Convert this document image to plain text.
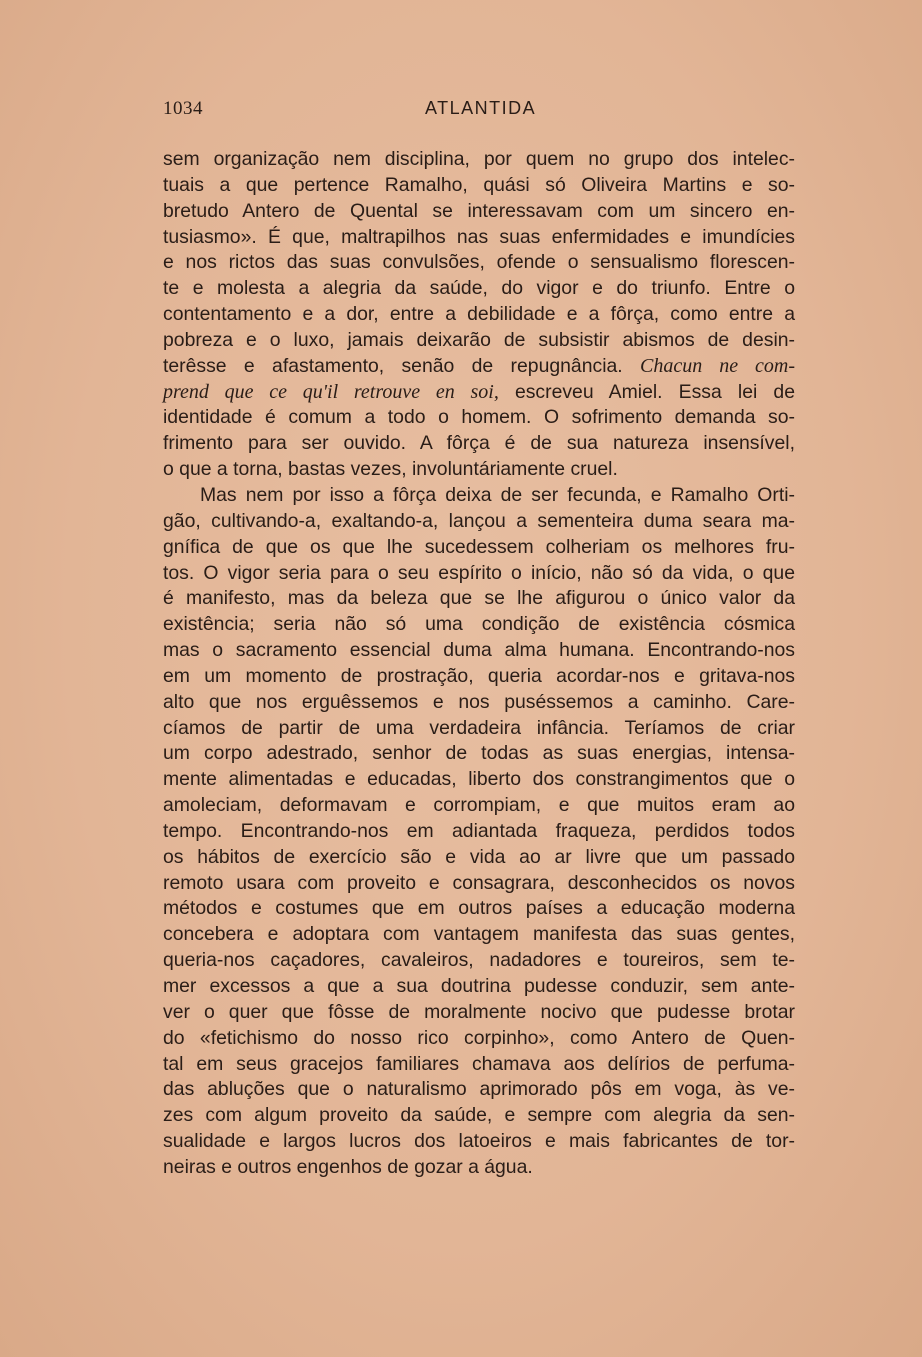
1034	ATLANTIDA
sem organização nem disciplina, por quem no grupo dos intelec-
tuais a que pertence Ramalho, quási só Oliveira Martins e so-
bretudo Antero de Quental se interessavam com um sincero en-
tusiasmo». É que, maltrapilhos nas suas enfermidades e imundícies
e nos rictos das suas convulsões, ofende o sensualismo florescen-
te e molesta a alegria da saúde, do vigor e do triunfo. Entre o
contentamento e a dor, entre a debilidade e a fôrça, como entre a
pobreza e o luxo, jamais deixarão de subsistir abismos de desin-
terêsse e afastamento, senão de repugnância. Chacun ne com-
prend que ce qu'il retrouve en soi, escreveu Amiel. Essa lei de
identidade é comum a todo o homem. O sofrimento demanda so-
frimento para ser ouvido. A fôrça é de sua natureza insensível,
o que a torna, bastas vezes, involuntáriamente cruel.
Mas nem por isso a fôrça deixa de ser fecunda, e Ramalho Orti-
gão, cultivando-a, exaltando-a, lançou a sementeira duma seara ma-
gnífica de que os que lhe sucedessem colheriam os melhores fru-
tos. O vigor seria para o seu espírito o início, não só da vida, o que
é manifesto, mas da beleza que se lhe afigurou o único valor da
existência; seria não só uma condição de existência cósmica
mas o sacramento essencial duma alma humana. Encontrando-nos
em um momento de prostração, queria acordar-nos e gritava-nos
alto que nos erguêssemos e nos puséssemos a caminho. Care-
cíamos de partir de uma verdadeira infância. Teríamos de criar
um corpo adestrado, senhor de todas as suas energias, intensa-
mente alimentadas e educadas, liberto dos constrangimentos que o
amoleciam, deformavam e corrompiam, e que muitos eram ao
tempo. Encontrando-nos em adiantada fraqueza, perdidos todos
os hábitos de exercício são e vida ao ar livre que um passado
remoto usara com proveito e consagrara, desconhecidos os novos
métodos e costumes que em outros países a educação moderna
concebera e adoptara com vantagem manifesta das suas gentes,
queria-nos caçadores, cavaleiros, nadadores e toureiros, sem te-
mer excessos a que a sua doutrina pudesse conduzir, sem ante-
ver o quer que fôsse de moralmente nocivo que pudesse brotar
do «fetichismo do nosso rico corpinho», como Antero de Quen-
tal em seus gracejos familiares chamava aos delírios de perfuma-
das abluções que o naturalismo aprimorado pôs em voga, às ve-
zes com algum proveito da saúde, e sempre com alegria da sen-
sualidade e largos lucros dos latoeiros e mais fabricantes de tor-
neiras e outros engenhos de gozar a água.
